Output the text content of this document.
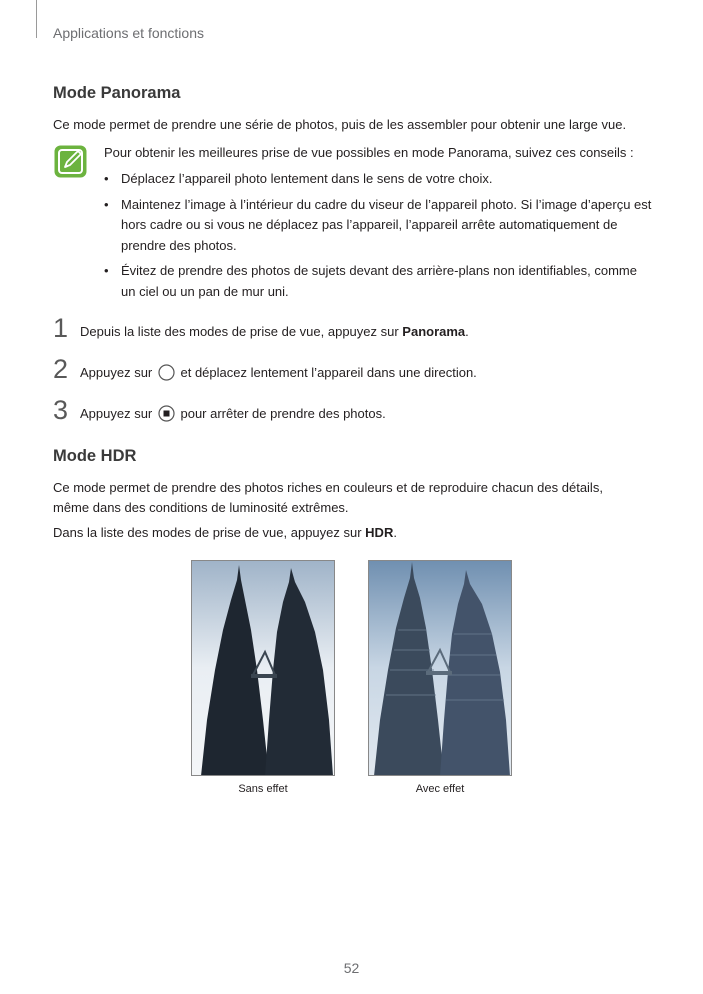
Applications et fonctions
Mode Panorama
Ce mode permet de prendre une série de photos, puis de les assembler pour obtenir une large vue.
Pour obtenir les meilleures prise de vue possibles en mode Panorama, suivez ces conseils :
• Déplacez l’appareil photo lentement dans le sens de votre choix.
• Maintenez l’image à l’intérieur du cadre du viseur de l’appareil photo. Si l’image d’aperçu est hors cadre ou si vous ne déplacez pas l’appareil, l’appareil arrête automatiquement de prendre des photos.
• Évitez de prendre des photos de sujets devant des arrière-plans non identifiables, comme un ciel ou un pan de mur uni.
1 Depuis la liste des modes de prise de vue, appuyez sur Panorama.
2 Appuyez sur  et déplacez lentement l’appareil dans une direction.
3 Appuyez sur  pour arrêter de prendre des photos.
Mode HDR
Ce mode permet de prendre des photos riches en couleurs et de reproduire chacun des détails,
même dans des conditions de luminosité extrêmes.
Dans la liste des modes de prise de vue, appuyez sur HDR.
Sans effet	Avec effet
52
